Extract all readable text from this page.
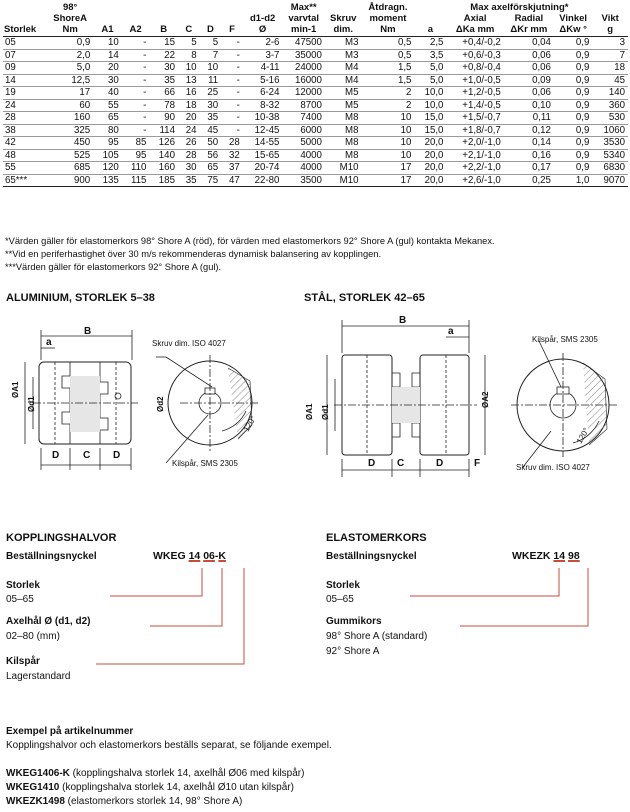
	98°								Max**		Åtdragn.		Max axelförskjutning*			
	ShoreA							d1-d2	varvtal	Skruv	moment		Axial	Radial	Vinkel	Vikt
Storlek	Nm	A1	A2	B	C	D	F	Ø	min-1	dim.	Nm	a	ΔKa mm	ΔKr mm	ΔKw °	g
05	0,9	10	-	15	5	5	-	2-6	47500	M3	0,5	2,5	+0,4/-0,2	0,04	0,9	3
07	2,0	14	-	22	8	7	-	3-7	35000	M3	0,5	3,5	+0,6/-0,3	0,06	0,9	7
09	5,0	20	-	30	10	10	-	4-11	24000	M4	1,5	5,0	+0,8/-0,4	0,06	0,9	18
14	12,5	30	-	35	13	11	-	5-16	16000	M4	1,5	5,0	+1,0/-0,5	0,09	0,9	45
19	17	40	-	66	16	25	-	6-24	12000	M5	2	10,0	+1,2/-0,5	0,06	0,9	140
24	60	55	-	78	18	30	-	8-32	8700	M5	2	10,0	+1,4/-0,5	0,10	0,9	360
28	160	65	-	90	20	35	-	10-38	7400	M8	10	15,0	+1,5/-0,7	0,11	0,9	530
38	325	80	-	114	24	45	-	12-45	6000	M8	10	15,0	+1,8/-0,7	0,12	0,9	1060
42	450	95	85	126	26	50	28	14-55	5000	M8	10	20,0	+2,0/-1,0	0,14	0,9	3530
48	525	105	95	140	28	56	32	15-65	4000	M8	10	20,0	+2,1/-1,0	0,16	0,9	5340
55	685	120	110	160	30	65	37	20-74	4000	M10	17	20,0	+2,2/-1,0	0,17	0,9	6830
65***	900	135	115	185	35	75	47	22-80	3500	M10	17	20,0	+2,6/-1,0	0,25	1,0	9070
*Värden gäller för elastomerkors 98° Shore A (röd), för värden med elastomerkors 92° Shore A (gul) kontakta Mekanex.
**Vid en periferhastighet över 30 m/s rekommenderas dynamisk balansering av kopplingen.
***Värden gäller för elastomerkors 92° Shore A (gul).
ALUMINIUM, STORLEK 5–38	STÅL, STORLEK 42–65
B
a
ØA1
Ød1	Ød2
D C D
Skruv dim. ISO 4027
Kilspår, SMS 2305
120°
B
a
ØA1 Ød1
ØA2
D C	D	F
Kilspår, SMS 2305
Skruv dim. ISO 4027
120°
KOPPLINGSHALVOR
Beställningsnyckel	WKEG 14 06-K
Storlek
05–65
Axelhål Ø (d1, d2)
02–80 (mm)
Kilspår
Lagerstandard
ELASTOMERKORS
Beställningsnyckel	WKEZK 14 98
Storlek
05–65
Gummikors
98° Shore A (standard)
92° Shore A
Exempel på artikelnummer
Kopplingshalvor och elastomerkors beställs separat, se följande exempel.
WKEG1406-K (kopplingshalva storlek 14, axelhål Ø06 med kilspår)
WKEG1410 (kopplingshalva storlek 14, axelhål Ø10 utan kilspår)
WKEZK1498 (elastomerkors storlek 14, 98° Shore A)
